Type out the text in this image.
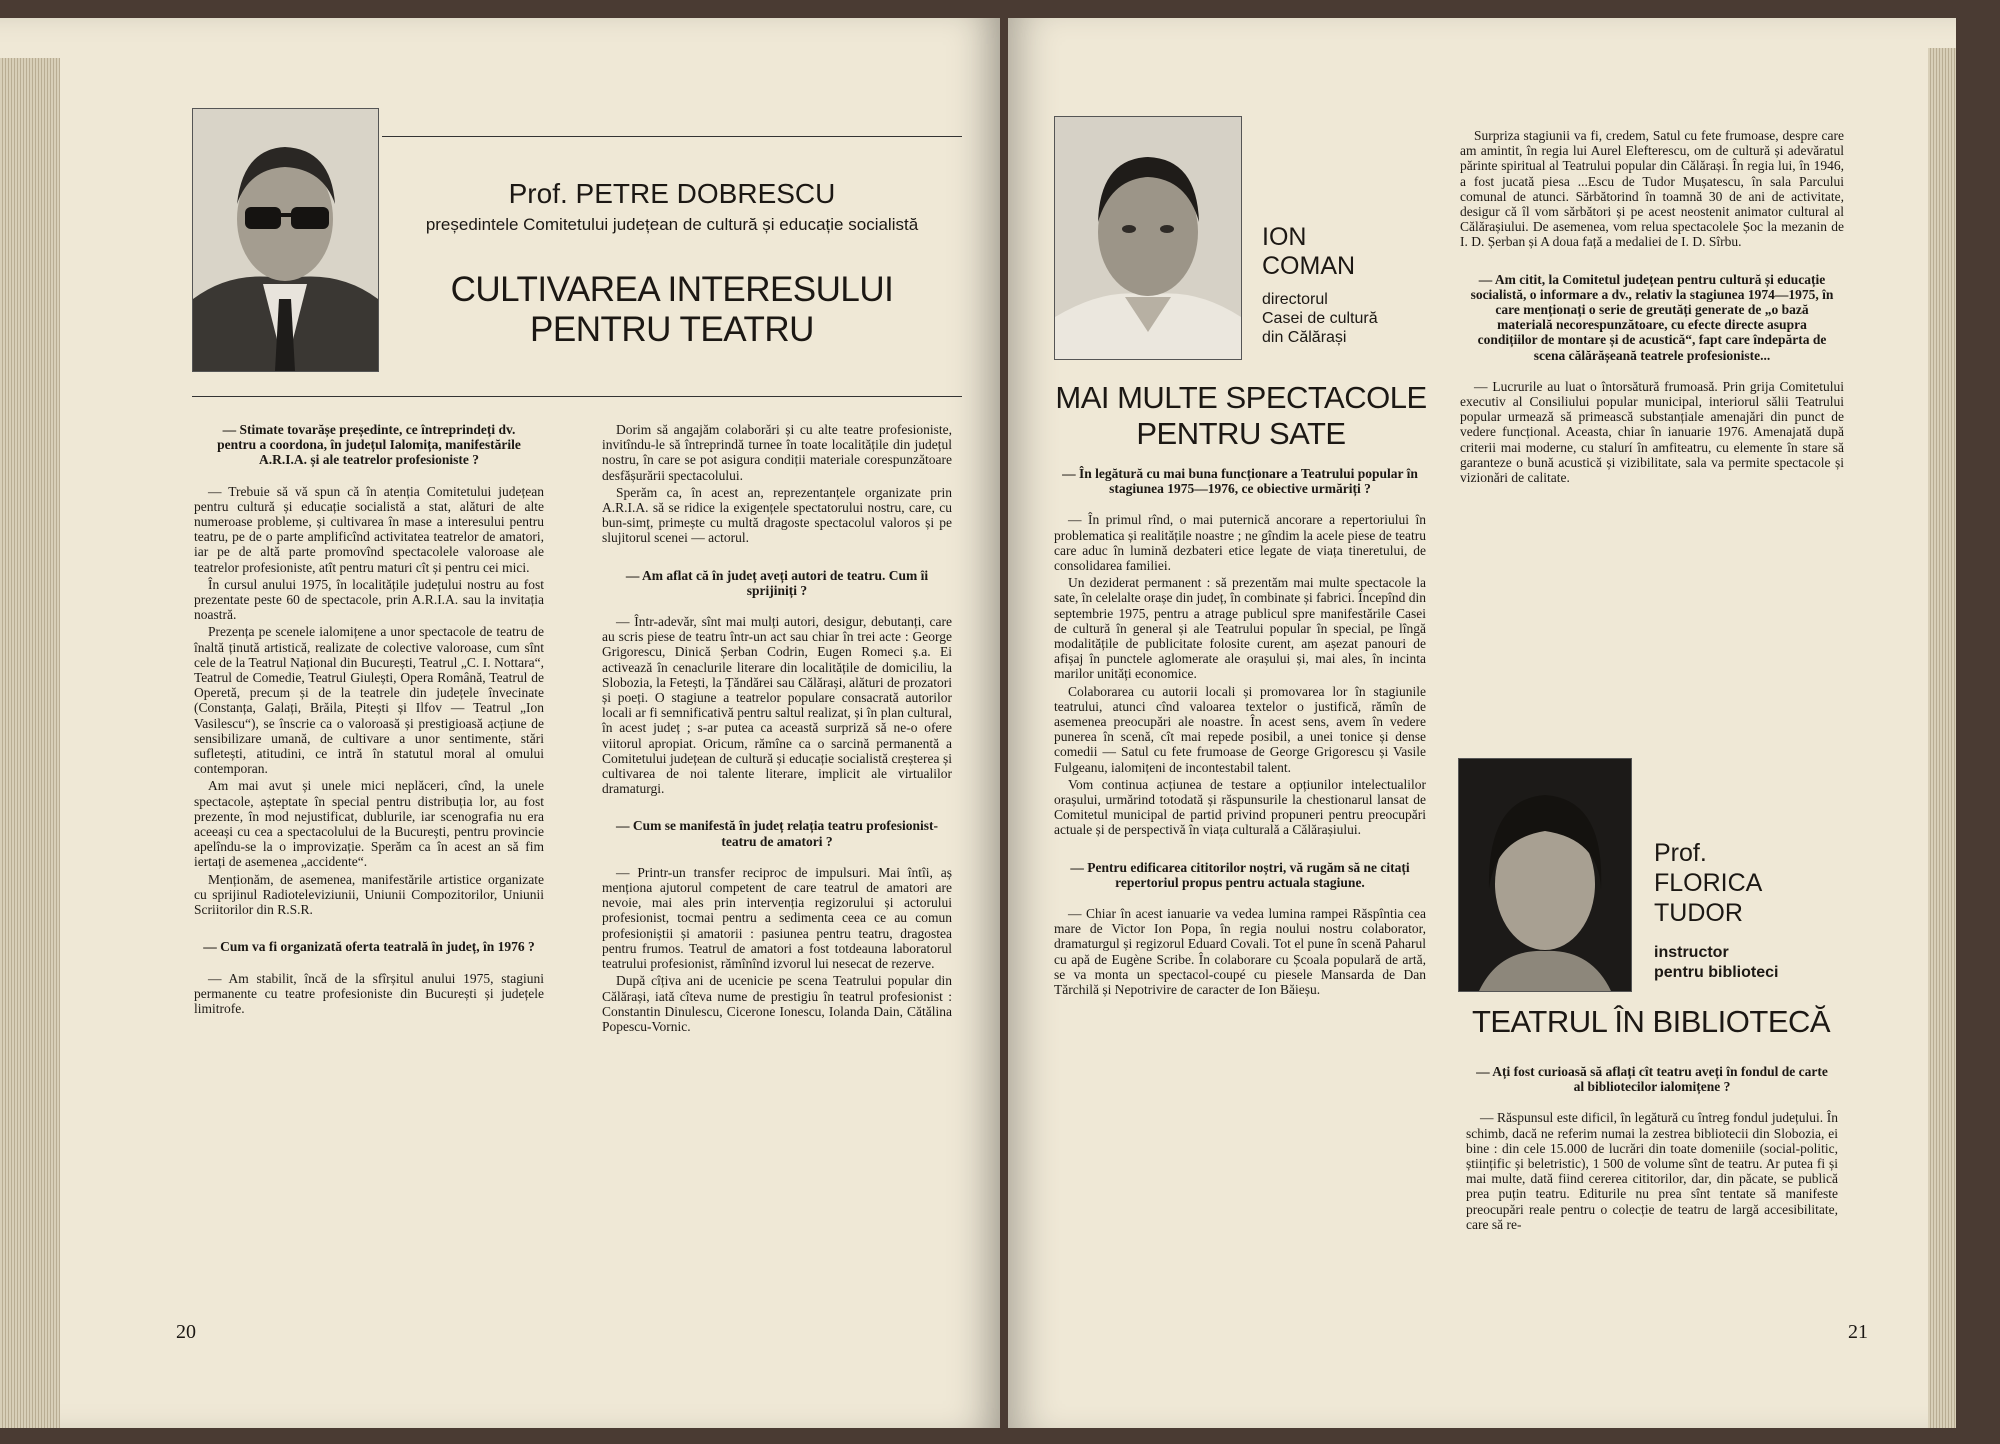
Prof. PETRE DOBRESCU
președintele Comitetului județean de cultură și educație socialistă
CULTIVAREA INTERESULUI
PENTRU TEATRU

— Stimate tovarășe președinte, ce întreprindeți dv. pentru a coordona, în județul Ialomița, manifestările A.R.I.A. și ale teatrelor profesioniste ?

— Trebuie să vă spun că în atenția Comitetului județean pentru cultură și educație socialistă a stat, alături de alte numeroase probleme, și cultivarea în mase a interesului pentru teatru, pe de o parte amplificînd activitatea teatrelor de amatori, iar pe de altă parte promovînd spectacolele valoroase ale teatrelor profesioniste, atît pentru maturi cît și pentru cei mici.

În cursul anului 1975, în localitățile județului nostru au fost prezentate peste 60 de spectacole, prin A.R.I.A. sau la invitația noastră.

Prezența pe scenele ialomițene a unor spectacole de teatru de înaltă ținută artistică, realizate de colective valoroase, cum sînt cele de la Teatrul Național din București, Teatrul „C. I. Nottara“, Teatrul de Comedie, Teatrul Giulești, Opera Română, Teatrul de Operetă, precum și de la teatrele din județele învecinate (Constanța, Galați, Brăila, Pitești și Ilfov — Teatrul „Ion Vasilescu“), se înscrie ca o valoroasă și prestigioasă acțiune de sensibilizare umană, de cultivare a unor sentimente, stări sufletești, atitudini, ce intră în statutul moral al omului contemporan.

Am mai avut și unele mici neplăceri, cînd, la unele spectacole, așteptate în special pentru distribuția lor, au fost prezente, în mod nejustificat, dublurile, iar scenografia nu era aceeași cu cea a spectacolului de la București, pentru provincie apelîndu-se la o improvizație. Sperăm ca în acest an să fim iertați de asemenea „accidente“.

Menționăm, de asemenea, manifestările artistice organizate cu sprijinul Radioteleviziunii, Uniunii Compozitorilor, Uniunii Scriitorilor din R.S.R.

— Cum va fi organizată oferta teatrală în județ, în 1976 ?

— Am stabilit, încă de la sfîrșitul anului 1975, stagiuni permanente cu teatre profesioniste din București și județele limitrofe.

Dorim să angajăm colaborări și cu alte teatre profesioniste, invitîndu-le să întreprindă turnee în toate localitățile din județul nostru, în care se pot asigura condiții materiale corespunzătoare desfășurării spectacolului.

Sperăm ca, în acest an, reprezentanțele organizate prin A.R.I.A. să se ridice la exigențele spectatorului nostru, care, cu bun-simț, primește cu multă dragoste spectacolul valoros și pe slujitorul scenei — actorul.

— Am aflat că în județ aveți autori de teatru. Cum îi sprijiniți ?

— Într-adevăr, sînt mai mulți autori, desigur, debutanți, care au scris piese de teatru într-un act sau chiar în trei acte : George Grigorescu, Dinică Șerban Codrin, Eugen Romeci ș.a. Ei activează în cenaclurile literare din localitățile de domiciliu, la Slobozia, la Fetești, la Țăndărei sau Călărași, alături de prozatori și poeți. O stagiune a teatrelor populare consacrată autorilor locali ar fi semnificativă pentru saltul realizat, și în plan cultural, în acest județ ; s-ar putea ca această surpriză să ne-o ofere viitorul apropiat. Oricum, rămîne ca o sarcină permanentă a Comitetului județean de cultură și educație socialistă creșterea și cultivarea de noi talente literare, implicit ale virtualilor dramaturgi.

— Cum se manifestă în județ relația teatru profesionist-teatru de amatori ?

— Printr-un transfer reciproc de impulsuri. Mai întîi, aș menționa ajutorul competent de care teatrul de amatori are nevoie, mai ales prin intervenția regizorului și actorului profesionist, tocmai pentru a sedimenta ceea ce au comun profesioniștii și amatorii : pasiunea pentru teatru, dragostea pentru frumos. Teatrul de amatori a fost totdeauna laboratorul teatrului profesionist, rămînînd izvorul lui nesecat de rezerve.

După cîțiva ani de ucenicie pe scena Teatrului popular din Călărași, iată cîteva nume de prestigiu în teatrul profesionist : Constantin Dinulescu, Cicerone Ionescu, Iolanda Dain, Cătălina Popescu-Vornic.

20
ION
COMAN
directorul
Casei de cultură
din Călărași
MAI MULTE SPECTACOLE
PENTRU SATE

— În legătură cu mai buna funcționare a Teatrului popular în stagiunea 1975—1976, ce obiective urmăriți ?

— În primul rînd, o mai puternică ancorare a repertoriului în problematica și realitățile noastre ; ne gîndim la acele piese de teatru care aduc în lumină dezbateri etice legate de viața tineretului, de consolidarea familiei.

Un deziderat permanent : să prezentăm mai multe spectacole la sate, în celelalte orașe din județ, în combinate și fabrici. Începînd din septembrie 1975, pentru a atrage publicul spre manifestările Casei de cultură în general și ale Teatrului popular în special, pe lîngă modalitățile de publicitate folosite curent, am așezat panouri de afișaj în punctele aglomerate ale orașului și, mai ales, în incinta marilor unități economice.

Colaborarea cu autorii locali și promovarea lor în stagiunile teatrului, atunci cînd valoarea textelor o justifică, rămîn de asemenea preocupări ale noastre. În acest sens, avem în vedere punerea în scenă, cît mai repede posibil, a unei tonice și dense comedii — Satul cu fete frumoase de George Grigorescu și Vasile Fulgeanu, ialomițeni de incontestabil talent.

Vom continua acțiunea de testare a opțiunilor intelectualilor orașului, urmărind totodată și răspunsurile la chestionarul lansat de Comitetul municipal de partid privind propuneri pentru preocupări actuale și de perspectivă în viața culturală a Călărașiului.

— Pentru edificarea cititorilor noștri, vă rugăm să ne citați repertoriul propus pentru actuala stagiune.

— Chiar în acest ianuarie va vedea lumina rampei Răspîntia cea mare de Victor Ion Popa, în regia noului nostru colaborator, dramaturgul și regizorul Eduard Covali. Tot el pune în scenă Paharul cu apă de Eugène Scribe. În colaborare cu Școala populară de artă, se va monta un spectacol-coupé cu piesele Mansarda de Dan Tărchilă și Nepotrivire de caracter de Ion Băieșu.

Surpriza stagiunii va fi, credem, Satul cu fete frumoase, despre care am amintit, în regia lui Aurel Elefterescu, om de cultură și adevăratul părinte spiritual al Teatrului popular din Călărași. În regia lui, în 1946, a fost jucată piesa ...Escu de Tudor Mușatescu, în sala Parcului comunal de atunci. Sărbătorind în toamnă 30 de ani de activitate, desigur că îl vom sărbători și pe acest neostenit animator cultural al Călărașiului. De asemenea, vom relua spectacolele Șoc la mezanin de I. D. Șerban și A doua față a medaliei de I. D. Sîrbu.

— Am citit, la Comitetul județean pentru cultură și educație socialistă, o informare a dv., relativ la stagiunea 1974—1975, în care menționați o serie de greutăți generate de „o bază materială necorespunzătoare, cu efecte directe asupra condițiilor de montare și de acustică“, fapt care îndepărta de scena călărășeană teatrele profesioniste...

— Lucrurile au luat o întorsătură frumoasă. Prin grija Comitetului executiv al Consiliului popular municipal, interiorul sălii Teatrului popular urmează să primească substanțiale amenajări din punct de vedere funcțional. Aceasta, chiar în ianuarie 1976. Amenajată după criterii mai moderne, cu stalurí în amfiteatru, cu elemente în stare să garanteze o bună acustică și vizibilitate, sala va permite spectacole și vizionări de calitate.

Prof.
FLORICA
TUDOR
instructor
pentru biblioteci
TEATRUL ÎN BIBLIOTECĂ

— Ați fost curioasă să aflați cît teatru aveți în fondul de carte al bibliotecilor ialomițene ?

— Răspunsul este dificil, în legătură cu întreg fondul județului. În schimb, dacă ne referim numai la zestrea bibliotecii din Slobozia, ei bine : din cele 15.000 de lucrări din toate domeniile (social-politic, științific și beletristic), 1 500 de volume sînt de teatru. Ar putea fi și mai multe, dată fiind cererea cititorilor, dar, din păcate, se publică prea puțin teatru. Editurile nu prea sînt tentate să manifeste preocupări reale pentru o colecție de teatru de largă accesibilitate, care să re-

21
